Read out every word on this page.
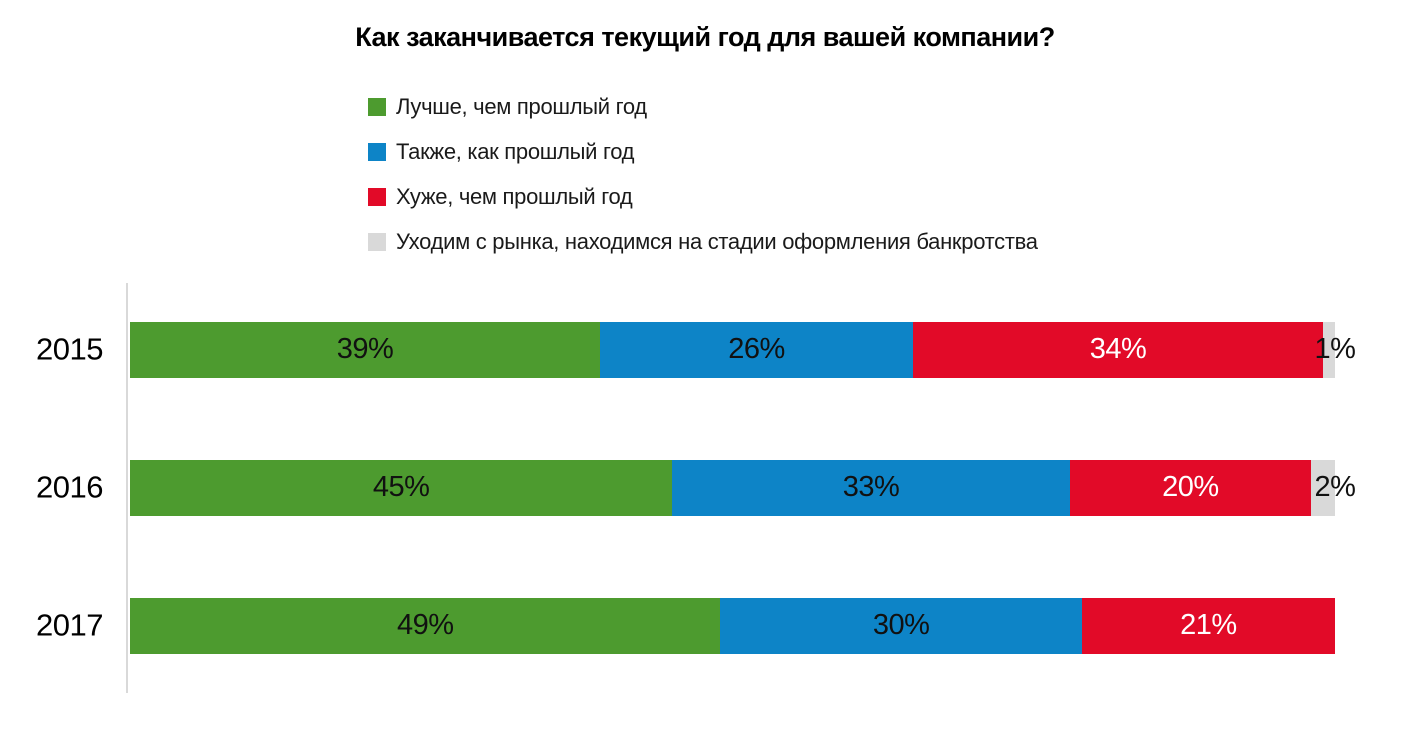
Как заканчивается текущий год для вашей компании?
Лучше, чем прошлый год
Также, как прошлый год
Хуже, чем прошлый год
Уходим с рынка, находимся на стадии оформления банкротства
2015	39%	26%	34%	1%
2016	45%	33%	20%	2%
2017	49%	30%	21%
